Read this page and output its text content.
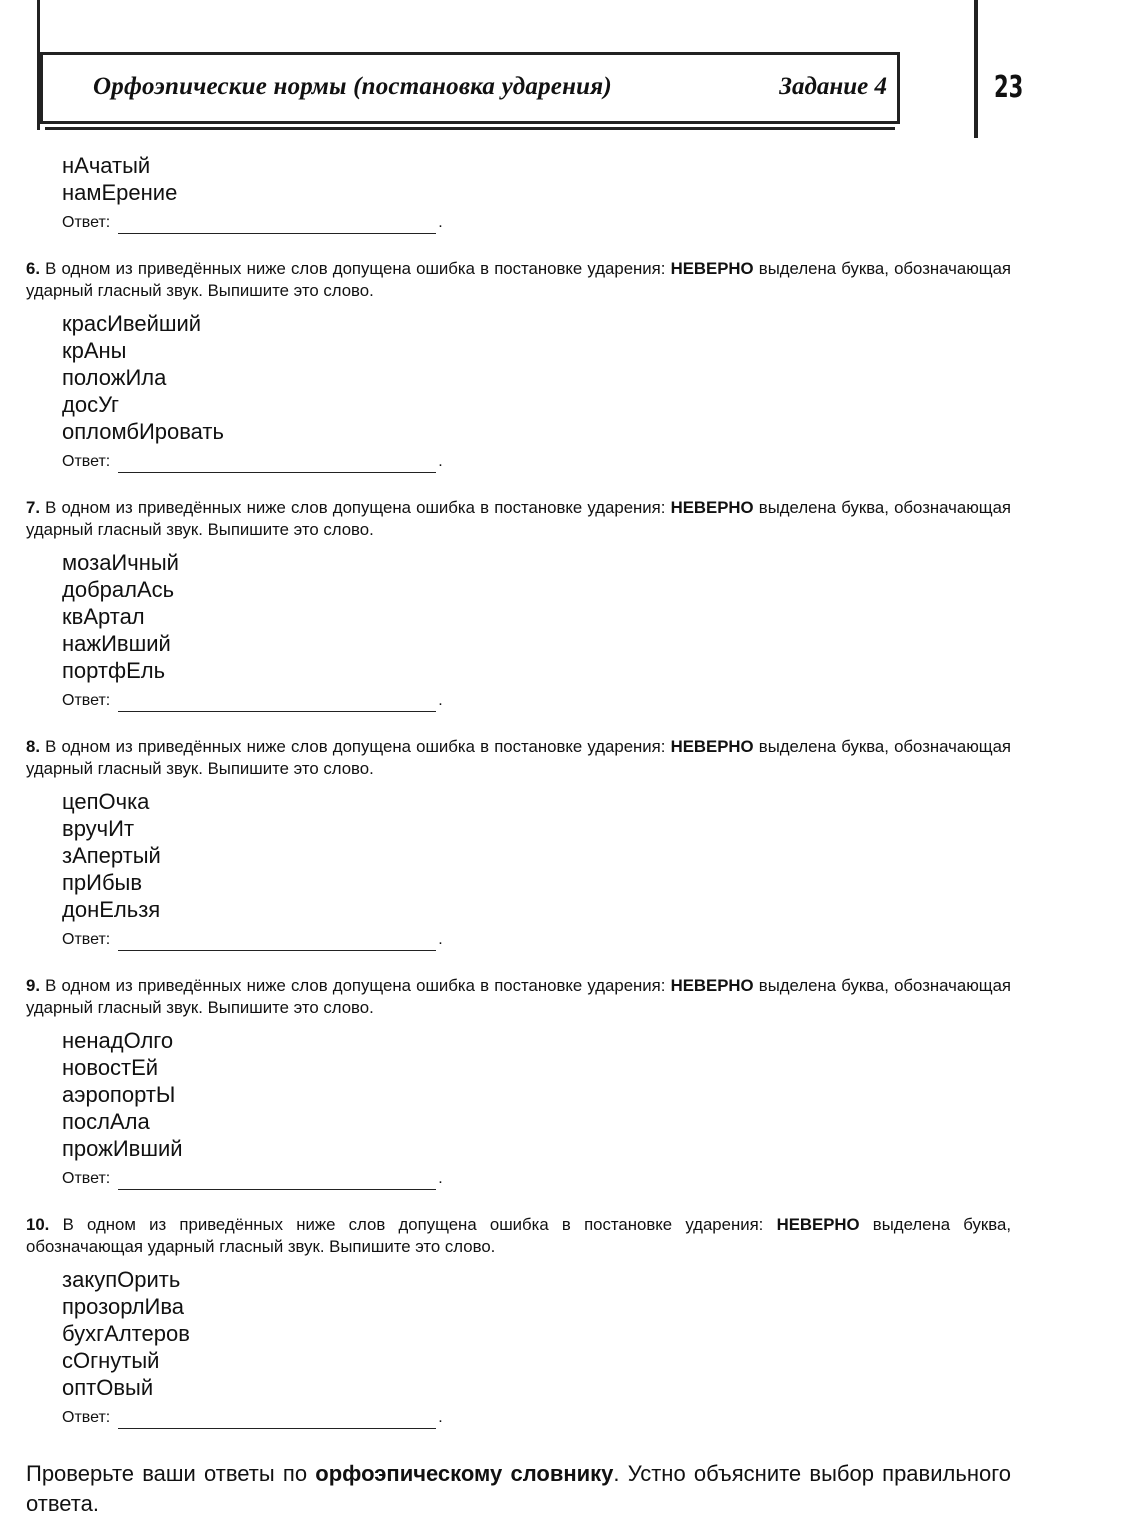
Орфоэпические нормы (постановка ударения)	Задание 4	23
нАчатый
намЕрение
Ответ:	.
6. В одном из приведённых ниже слов допущена ошибка в постановке ударения: НЕВЕРНО выделена буква, обозначающая ударный гласный звук. Выпишите это слово.
красИвейший
крАны
положИла
досУг
опломбИровать
Ответ:	.
7. В одном из приведённых ниже слов допущена ошибка в постановке ударения: НЕВЕРНО выделена буква, обозначающая ударный гласный звук. Выпишите это слово.
мозаИчный
добралАсь
квАртал
нажИвший
портфЕль
Ответ:	.
8. В одном из приведённых ниже слов допущена ошибка в постановке ударения: НЕВЕРНО выделена буква, обозначающая ударный гласный звук. Выпишите это слово.
цепОчка
вручИт
зАпертый
прИбыв
донЕльзя
Ответ:	.
9. В одном из приведённых ниже слов допущена ошибка в постановке ударения: НЕВЕРНО выделена буква, обозначающая ударный гласный звук. Выпишите это слово.
ненадОлго
новостЕй
аэропортЫ
послАла
прожИвший
Ответ:	.
10. В одном из приведённых ниже слов допущена ошибка в постановке ударения: НЕВЕРНО выделена буква, обозначающая ударный гласный звук. Выпишите это слово.
закупОрить
прозорлИва
бухгАлтеров
сОгнутый
оптОвый
Ответ:	.
Проверьте ваши ответы по орфоэпическому словнику. Устно объясните выбор правильного ответа.
